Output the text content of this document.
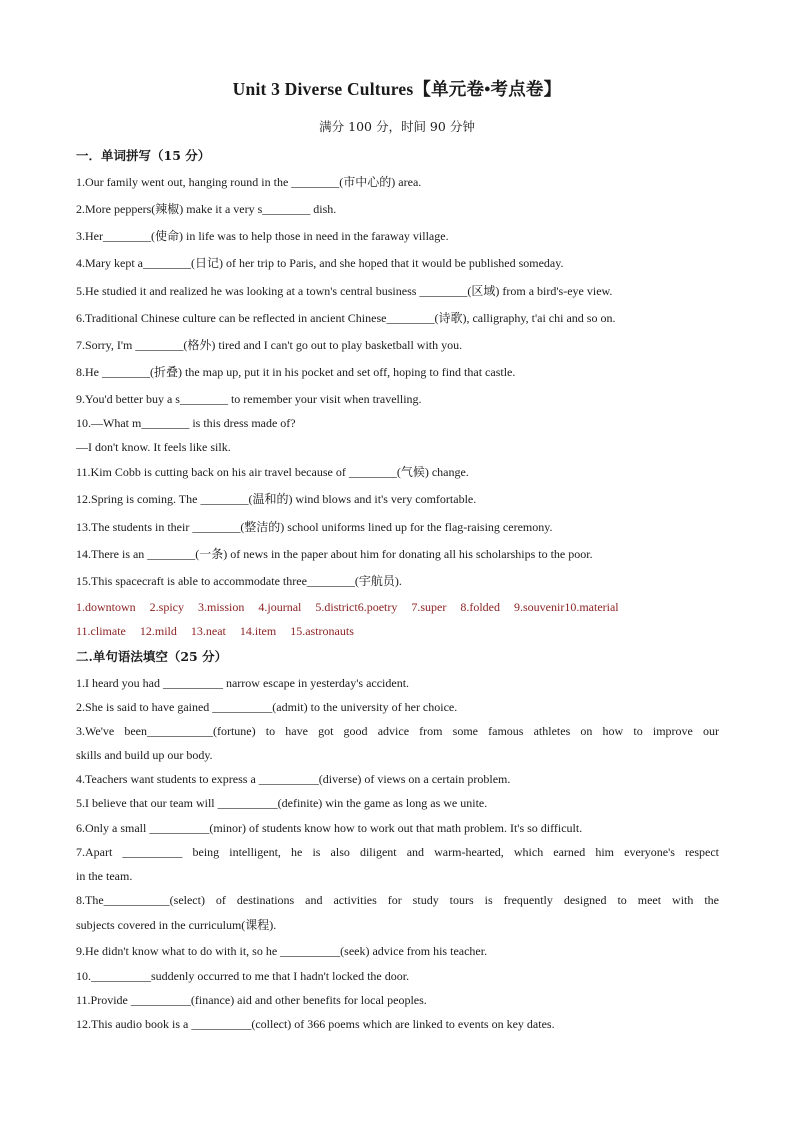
Unit 3 Diverse Cultures【单元卷•考点卷】
满分 100 分，时间 90 分钟
一．单词拼写（15 分）
1.Our family went out, hanging round in the ________(市中心的) area.
2.More peppers(辣椒) make it a very s________ dish.
3.Her________(使命) in life was to help those in need in the faraway village.
4.Mary kept a________(日记) of her trip to Paris, and she hoped that it would be published someday.
5.He studied it and realized he was looking at a town's central business ________(区域) from a bird's-eye view.
6.Traditional Chinese culture can be reflected in ancient Chinese________(诗歌), calligraphy, t'ai chi and so on.
7.Sorry, I'm ________(格外) tired and I can't go out to play basketball with you.
8.He ________(折叠) the map up, put it in his pocket and set off, hoping to find that castle.
9.You'd better buy a s________ to remember your visit when travelling.
10.—What m________ is this dress made of?
—I don't know. It feels like silk.
11.Kim Cobb is cutting back on his air travel because of ________(气候) change.
12.Spring is coming. The ________(温和的) wind blows and it's very comfortable.
13.The students in their ________(整洁的) school uniforms lined up for the flag-raising ceremony.
14.There is an ________(一条) of news in the paper about him for donating all his scholarships to the poor.
15.This spacecraft is able to accommodate three________(宇航员).
1.downtown 2.spicy 3.mission 4.journal 5.district6.poetry 7.super 8.folded 9.souvenir10.material
11.climate 12.mild 13.neat 14.item 15.astronauts
二.单句语法填空（25 分）
1.I heard you had __________ narrow escape in yesterday's accident.
2.She is said to have gained __________(admit) to the university of her choice.
3.We've been___________(fortune) to have got good advice from some famous athletes on how to improve our
skills and build up our body.
4.Teachers want students to express a __________(diverse) of views on a certain problem.
5.I believe that our team will __________(definite) win the game as long as we unite.
6.Only a small __________(minor) of students know how to work out that math problem. It's so difficult.
7.Apart __________ being intelligent, he is also diligent and warm-hearted, which earned him everyone's respect
in the team.
8.The___________(select) of destinations and activities for study tours is frequently designed to meet with the
subjects covered in the curriculum(课程).
9.He didn't know what to do with it, so he __________(seek) advice from his teacher.
10.__________suddenly occurred to me that I hadn't locked the door.
11.Provide __________(finance) aid and other benefits for local peoples.
12.This audio book is a __________(collect) of 366 poems which are linked to events on key dates.
